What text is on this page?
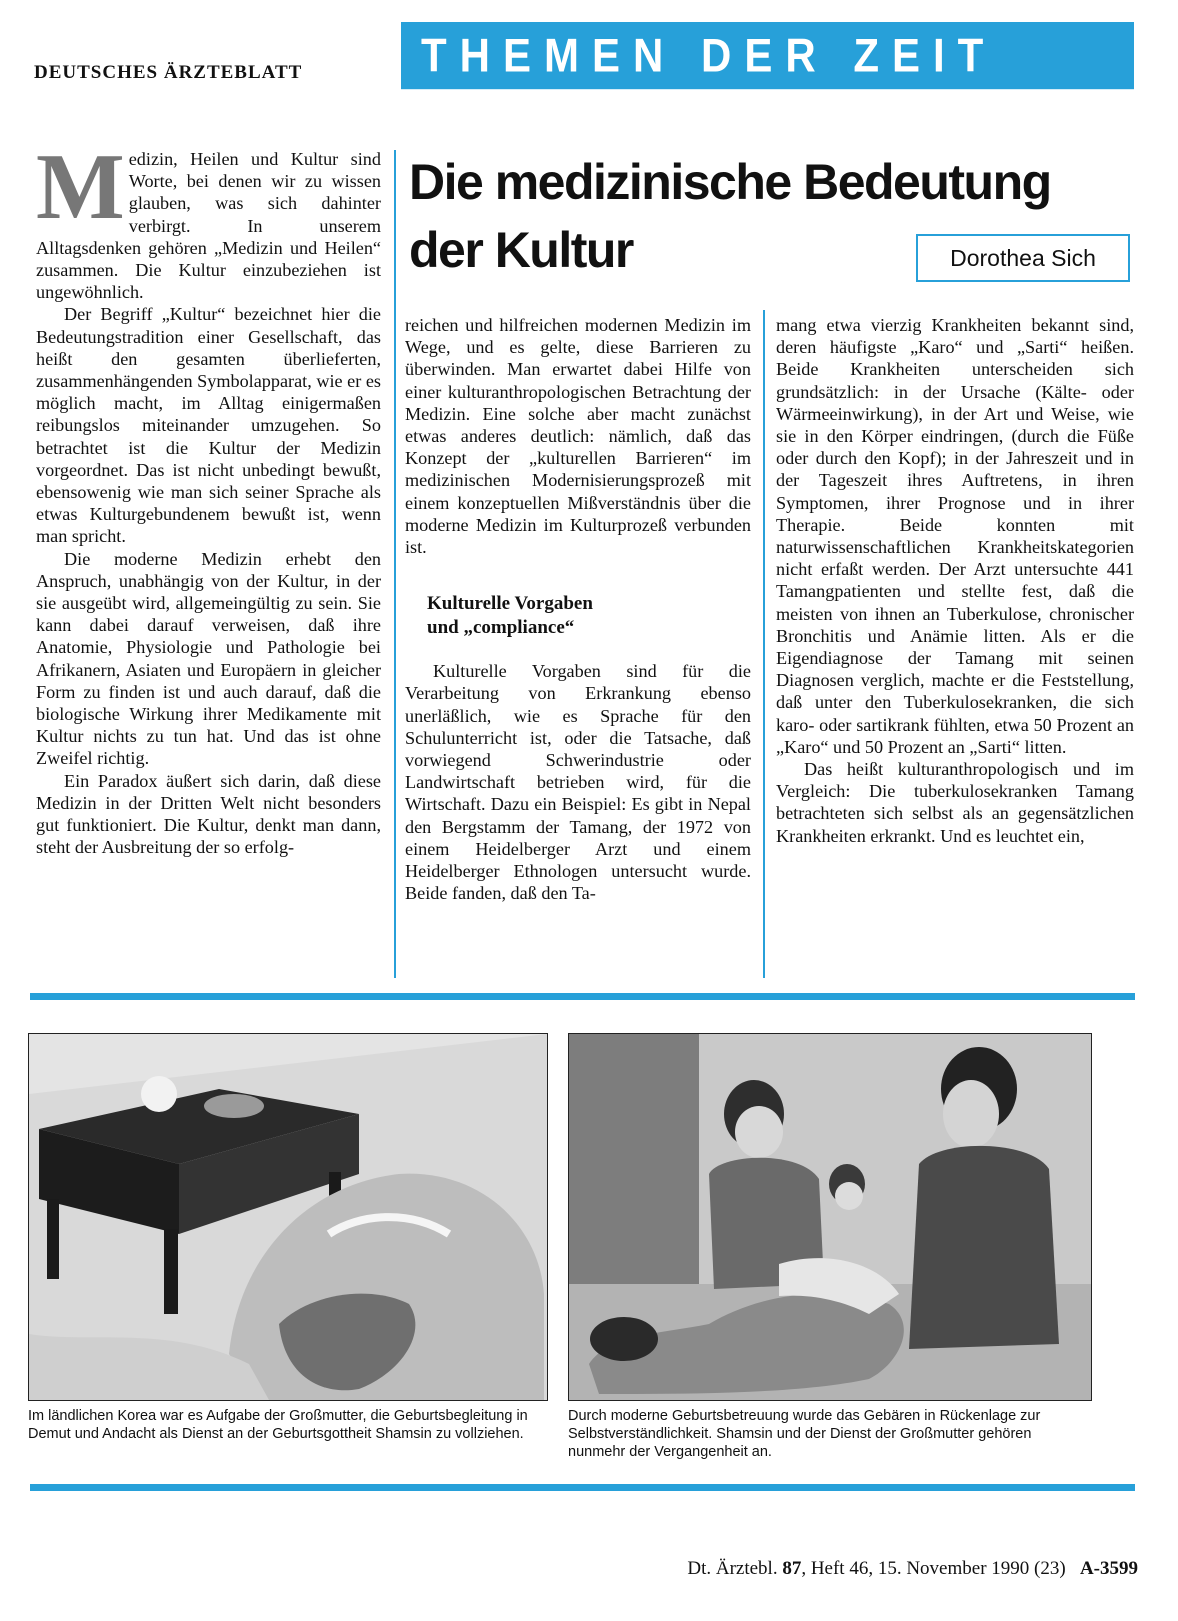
DEUTSCHES ÄRZTEBLATT	THEMEN DER ZEIT
Die medizinische Bedeutung
der Kultur	Dorothea Sich

M edizin, Heilen und Kultur sind Worte, bei denen wir zu wissen glauben, was sich dahinter verbirgt. In unserem Alltagsdenken gehören „Medizin und Heilen“ zusammen. Die Kultur einzubeziehen ist ungewöhnlich.

Der Begriff „Kultur“ bezeichnet hier die Bedeutungstradition einer Gesellschaft, das heißt den gesamten überlieferten, zusammenhängenden Symbolapparat, wie er es möglich macht, im Alltag einigermaßen reibungslos miteinander umzugehen. So betrachtet ist die Kultur der Medizin vorgeordnet. Das ist nicht unbedingt bewußt, ebensowenig wie man sich seiner Sprache als etwas Kulturgebundenem bewußt ist, wenn man spricht.

Die moderne Medizin erhebt den Anspruch, unabhängig von der Kultur, in der sie ausgeübt wird, allgemeingültig zu sein. Sie kann dabei darauf verweisen, daß ihre Anatomie, Physiologie und Pathologie bei Afrikanern, Asiaten und Europäern in gleicher Form zu finden ist und auch darauf, daß die biologische Wirkung ihrer Medikamente mit Kultur nichts zu tun hat. Und das ist ohne Zweifel richtig.

Ein Paradox äußert sich darin, daß diese Medizin in der Dritten Welt nicht besonders gut funktioniert. Die Kultur, denkt man dann, steht der Ausbreitung der so erfolg-

reichen und hilfreichen modernen Medizin im Wege, und es gelte, diese Barrieren zu überwinden. Man erwartet dabei Hilfe von einer kulturanthropologischen Betrachtung der Medizin. Eine solche aber macht zunächst etwas anderes deutlich: nämlich, daß das Konzept der „kulturellen Barrieren“ im medizinischen Modernisierungsprozeß mit einem konzeptuellen Mißverständnis über die moderne Medizin im Kulturprozeß verbunden ist.

Kulturelle Vorgaben
und „compliance“

Kulturelle Vorgaben sind für die Verarbeitung von Erkrankung ebenso unerläßlich, wie es Sprache für den Schulunterricht ist, oder die Tatsache, daß vorwiegend Schwerindustrie oder Landwirtschaft betrieben wird, für die Wirtschaft. Dazu ein Beispiel: Es gibt in Nepal den Bergstamm der Tamang, der 1972 von einem Heidelberger Arzt und einem Heidelberger Ethnologen untersucht wurde. Beide fanden, daß den Ta-

mang etwa vierzig Krankheiten bekannt sind, deren häufigste „Karo“ und „Sarti“ heißen. Beide Krankheiten unterscheiden sich grundsätzlich: in der Ursache (Kälte- oder Wärmeeinwirkung), in der Art und Weise, wie sie in den Körper eindringen, (durch die Füße oder durch den Kopf); in der Jahreszeit und in der Tageszeit ihres Auftretens, in ihren Symptomen, ihrer Prognose und in ihrer Therapie. Beide konnten mit naturwissenschaftlichen Krankheitskategorien nicht erfaßt werden. Der Arzt untersuchte 441 Tamangpatienten und stellte fest, daß die meisten von ihnen an Tuberkulose, chronischer Bronchitis und Anämie litten. Als er die Eigendiagnose der Tamang mit seinen Diagnosen verglich, machte er die Feststellung, daß unter den Tuberkulosekranken, die sich karo- oder sartikrank fühlten, etwa 50 Prozent an „Karo“ und 50 Prozent an „Sarti“ litten.

Das heißt kulturanthropologisch und im Vergleich: Die tuberkulosekranken Tamang betrachteten sich selbst als an gegensätzlichen Krankheiten erkrankt. Und es leuchtet ein,

Im ländlichen Korea war es Aufgabe der Großmutter, die Geburtsbegleitung in Demut und Andacht als Dienst an der Geburtsgottheit Shamsin zu vollziehen.
Durch moderne Geburtsbetreuung wurde das Gebären in Rückenlage zur Selbstverständlichkeit. Shamsin und der Dienst der Großmutter gehören nunmehr der Vergangenheit an.
Dt. Ärztebl. 87, Heft 46, 15. November 1990 (23) A-3599
